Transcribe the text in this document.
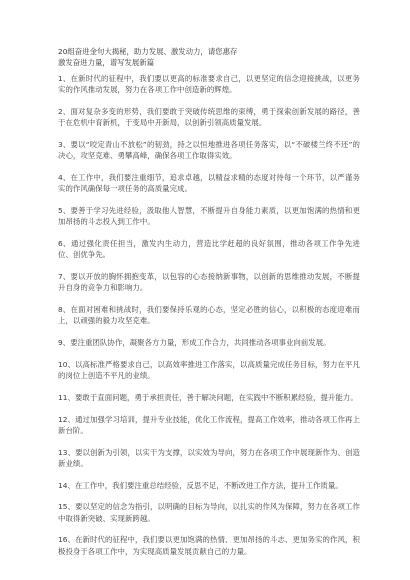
20组奋进金句大揭秘，助力发展、激发动力，请您惠存
激发奋进力量，谱写发展新篇

1、在新时代的征程中，我们要以更高的标准要求自己，以更坚定的信念迎接挑战，以更务实的作风推动发展，努力在各项工作中创造新的辉煌。

2、面对复杂多变的形势，我们要敢于突破传统思维的束缚，勇于探索创新发展的路径，善于在危机中育新机，于变局中开新局，以创新引领高质量发展。

3、要以“咬定青山不放松”的韧劲，持之以恒地推进各项任务落实，以“不破楼兰终不还”的决心，攻坚克难、勇攀高峰，确保各项工作取得实效。

4、在工作中，我们要注重细节，追求卓越，以精益求精的态度对待每一个环节，以严谨务实的作风确保每一项任务的高质量完成。

5、要善于学习先进经验，汲取他人智慧，不断提升自身能力素质，以更加饱满的热情和更加昂扬的斗志投入到工作中。

6、通过强化责任担当，激发内生动力，营造比学赶超的良好氛围，推动各项工作争先进位、创优争先。

7、要以开放的胸怀拥抱变革，以包容的心态接纳新事物，以创新的思维推动发展，不断提升自身的竞争力和影响力。

8、在面对困难和挑战时，我们要保持乐观的心态，坚定必胜的信心，以积极的态度迎难而上，以顽强的毅力攻坚克难。

9、要注重团队协作，凝聚各方力量，形成工作合力，共同推动各项事业向前发展。

10、以高标准严格要求自己，以高效率推进工作落实，以高质量完成任务目标，努力在平凡的岗位上创造不平凡的业绩。

11、要敢于直面问题，勇于承担责任，善于解决问题，在实践中不断积累经验，提升能力。

12、通过加强学习培训，提升专业技能，优化工作流程，提高工作效率，推动各项工作再上新台阶。

13、要以创新为引领，以实干为支撑，以实效为导向，努力在各项工作中展现新作为、创造新业绩。

14、在工作中，我们要注重总结经验，反思不足，不断改进工作方法，提升工作质量。

15、要以坚定的信念为指引，以明确的目标为导向，以扎实的作风为保障，努力在各项工作中取得新突破、实现新跨越。

16、在新时代的征程中，我们要以更加饱满的热情、更加昂扬的斗志、更加务实的作风，积极投身于各项工作中，为实现高质量发展贡献自己的力量。
